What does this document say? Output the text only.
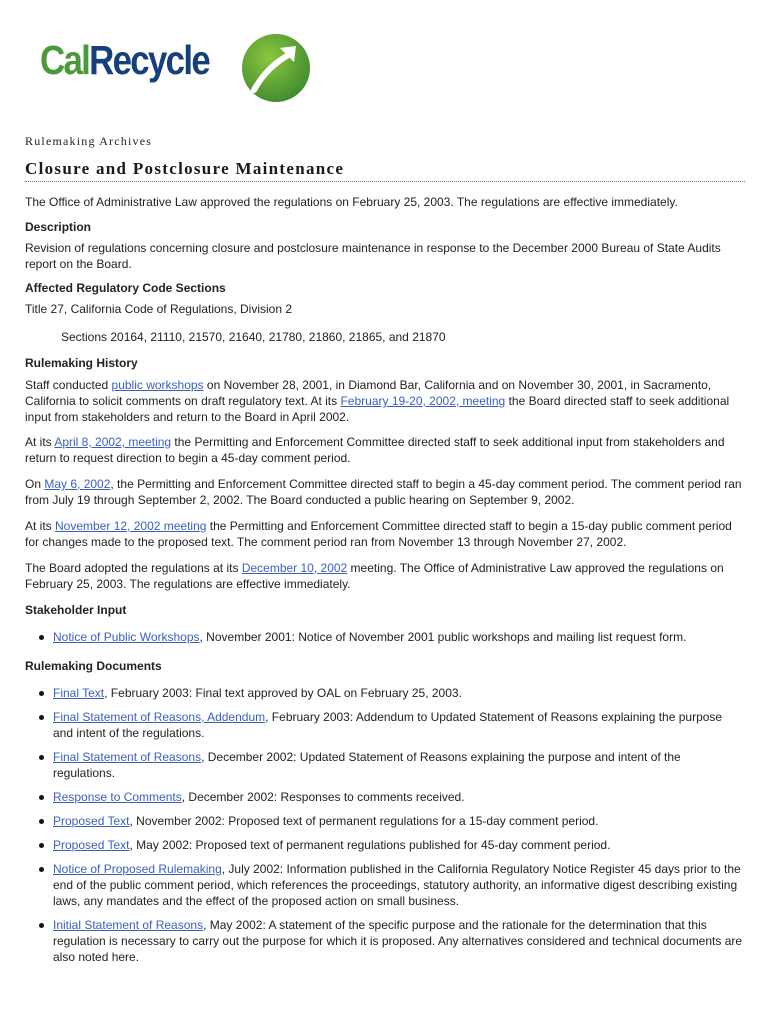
CalRecycle

Rulemaking Archives

Closure and Postclosure Maintenance

The Office of Administrative Law approved the regulations on February 25, 2003. The regulations are effective immediately.

Description

Revision of regulations concerning closure and postclosure maintenance in response to the December 2000 Bureau of State Audits report on the Board.

Affected Regulatory Code Sections

Title 27, California Code of Regulations, Division 2

Sections 20164, 21110, 21570, 21640, 21780, 21860, 21865, and 21870

Rulemaking History

Staff conducted public workshops on November 28, 2001, in Diamond Bar, California and on November 30, 2001, in Sacramento, California to solicit comments on draft regulatory text. At its February 19-20, 2002, meeting the Board directed staff to seek additional input from stakeholders and return to the Board in April 2002.

At its April 8, 2002, meeting the Permitting and Enforcement Committee directed staff to seek additional input from stakeholders and return to request direction to begin a 45-day comment period.

On May 6, 2002, the Permitting and Enforcement Committee directed staff to begin a 45-day comment period. The comment period ran from July 19 through September 2, 2002. The Board conducted a public hearing on September 9, 2002.

At its November 12, 2002 meeting the Permitting and Enforcement Committee directed staff to begin a 15-day public comment period for changes made to the proposed text. The comment period ran from November 13 through November 27, 2002.

The Board adopted the regulations at its December 10, 2002 meeting. The Office of Administrative Law approved the regulations on February 25, 2003. The regulations are effective immediately.

Stakeholder Input
Notice of Public Workshops, November 2001: Notice of November 2001 public workshops and mailing list request form.
Rulemaking Documents
Final Text, February 2003: Final text approved by OAL on February 25, 2003.
Final Statement of Reasons, Addendum, February 2003: Addendum to Updated Statement of Reasons explaining the purpose and intent of the regulations.
Final Statement of Reasons, December 2002: Updated Statement of Reasons explaining the purpose and intent of the regulations.
Response to Comments, December 2002: Responses to comments received.
Proposed Text, November 2002: Proposed text of permanent regulations for a 15-day comment period.
Proposed Text, May 2002: Proposed text of permanent regulations published for 45-day comment period.
Notice of Proposed Rulemaking, July 2002: Information published in the California Regulatory Notice Register 45 days prior to the end of the public comment period, which references the proceedings, statutory authority, an informative digest describing existing laws, any mandates and the effect of the proposed action on small business.
Initial Statement of Reasons, May 2002: A statement of the specific purpose and the rationale for the determination that this regulation is necessary to carry out the purpose for which it is proposed. Any alternatives considered and technical documents are also noted here.
